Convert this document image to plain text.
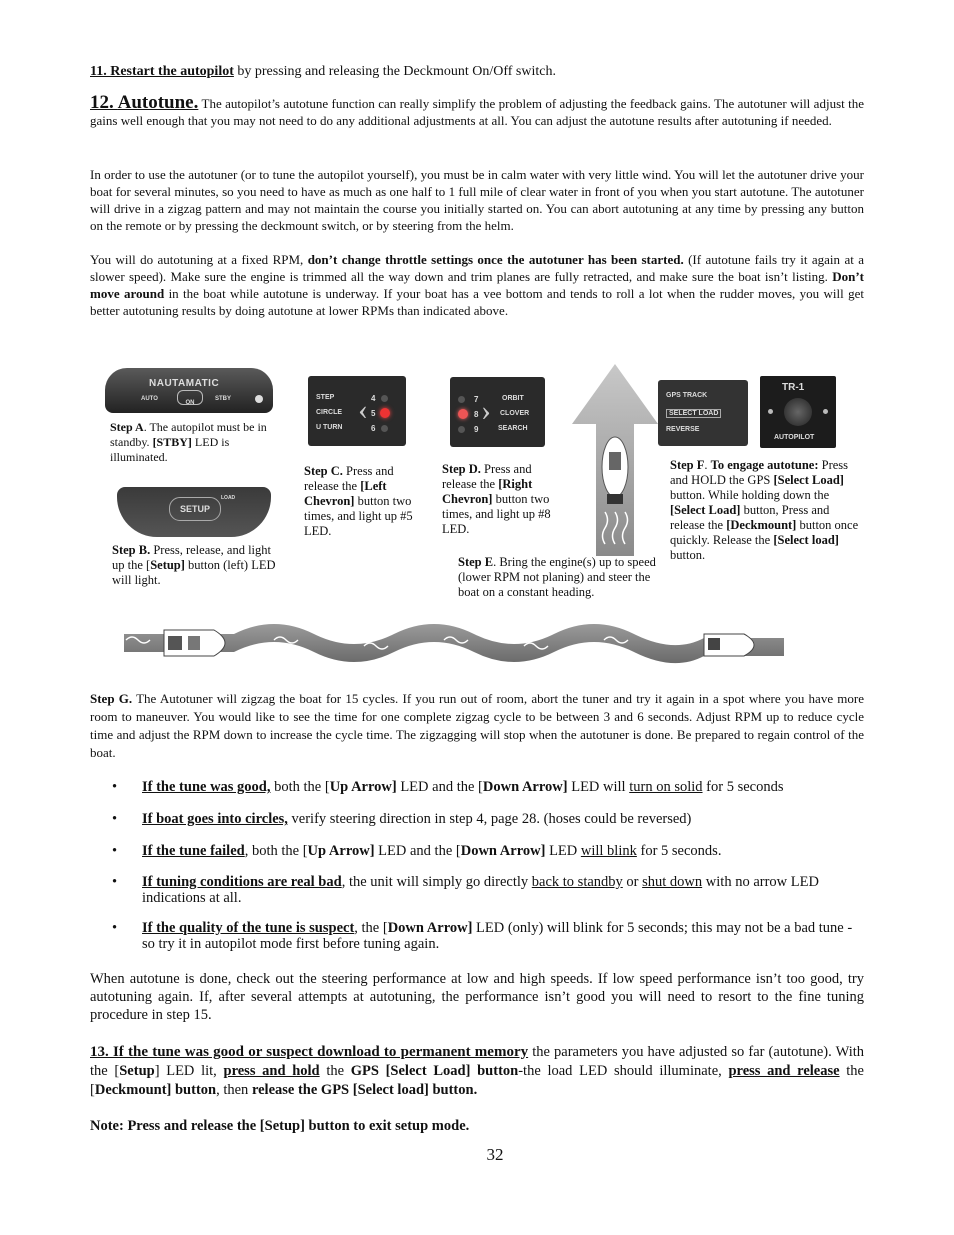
11. Restart the autopilot by pressing and releasing the Deckmount On/Off switch.

12. Autotune. The autopilot’s autotune function can really simplify the problem of adjusting the feedback gains. The autotuner will adjust the gains well enough that you may not need to do any additional adjustments at all. You can adjust the autotune results after autotuning if needed.

In order to use the autotuner (or to tune the autopilot yourself), you must be in calm water with very little wind. You will let the autotuner drive your boat for several minutes, so you need to have as much as one half to 1 full mile of clear water in front of you when you start autotune. The autotuner will drive in a zigzag pattern and may not maintain the course you initially started on. You can abort autotuning at any time by pressing any button on the remote or by pressing the deckmount switch, or by steering from the helm.

You will do autotuning at a fixed RPM, don’t change throttle settings once the autotuner has been started. (If autotune fails try it again at a slower speed). Make sure the engine is trimmed all the way down and trim planes are fully retracted, and make sure the boat isn’t listing. Don’t move around in the boat while autotune is underway. If your boat has a vee bottom and tends to roll a lot when the rudder moves, you will get better autotuning results by doing autotune at lower RPMs than indicated above.

NAUTAMATIC
AUTO
ON
STBY
Step A. The autopilot must be in standby. [STBY] LED is illuminated.
SETUP
LOAD
Step B. Press, release, and light up the [Setup] button (left) LED will light.
STEP
CIRCLE
U TURN
‹ 4
5
6
Step C. Press and release the [Left Chevron] button two times, and light up #5 LED.
7
8
9
› ORBIT
CLOVER
SEARCH
Step D. Press and release the [Right Chevron] button two times, and light up #8 LED.
Step E. Bring the engine(s) up to speed (lower RPM not planing) and steer the boat on a constant heading.
GPS TRACK
SELECT LOAD
REVERSE
TR-1
AUTOPILOT
Step F. To engage autotune: Press and HOLD the GPS [Select Load] button. While holding down the [Select Load] button, Press and release the [Deckmount] button once quickly. Release the [Select load] button.

Step G. The Autotuner will zigzag the boat for 15 cycles. If you run out of room, abort the tuner and try it again in a spot where you have more room to maneuver. You would like to see the time for one complete zigzag cycle to be between 3 and 6 seconds. Adjust RPM up to reduce cycle time and adjust the RPM down to increase the cycle time. The zigzagging will stop when the autotuner is done. Be prepared to regain control of the boat.

• If the tune was good, both the [Up Arrow] LED and the [Down Arrow] LED will turn on solid for 5 seconds
• If boat goes into circles, verify steering direction in step 4, page 28. (hoses could be reversed)
• If the tune failed, both the [Up Arrow] LED and the [Down Arrow] LED will blink for 5 seconds.
• If tuning conditions are real bad, the unit will simply go directly back to standby or shut down with no arrow LED indications at all.
• If the quality of the tune is suspect, the [Down Arrow] LED (only) will blink for 5 seconds; this may not be a bad tune - so try it in autopilot mode first before tuning again.

When autotune is done, check out the steering performance at low and high speeds. If low speed performance isn’t too good, try autotuning again. If, after several attempts at autotuning, the performance isn’t good you will need to resort to the fine tuning procedure in step 15.

13. If the tune was good or suspect download to permanent memory the parameters you have adjusted so far (autotune). With the [Setup] LED lit, press and hold the GPS [Select Load] button-the load LED should illuminate, press and release the [Deckmount] button, then release the GPS [Select load] button.

Note: Press and release the [Setup] button to exit setup mode.

32
